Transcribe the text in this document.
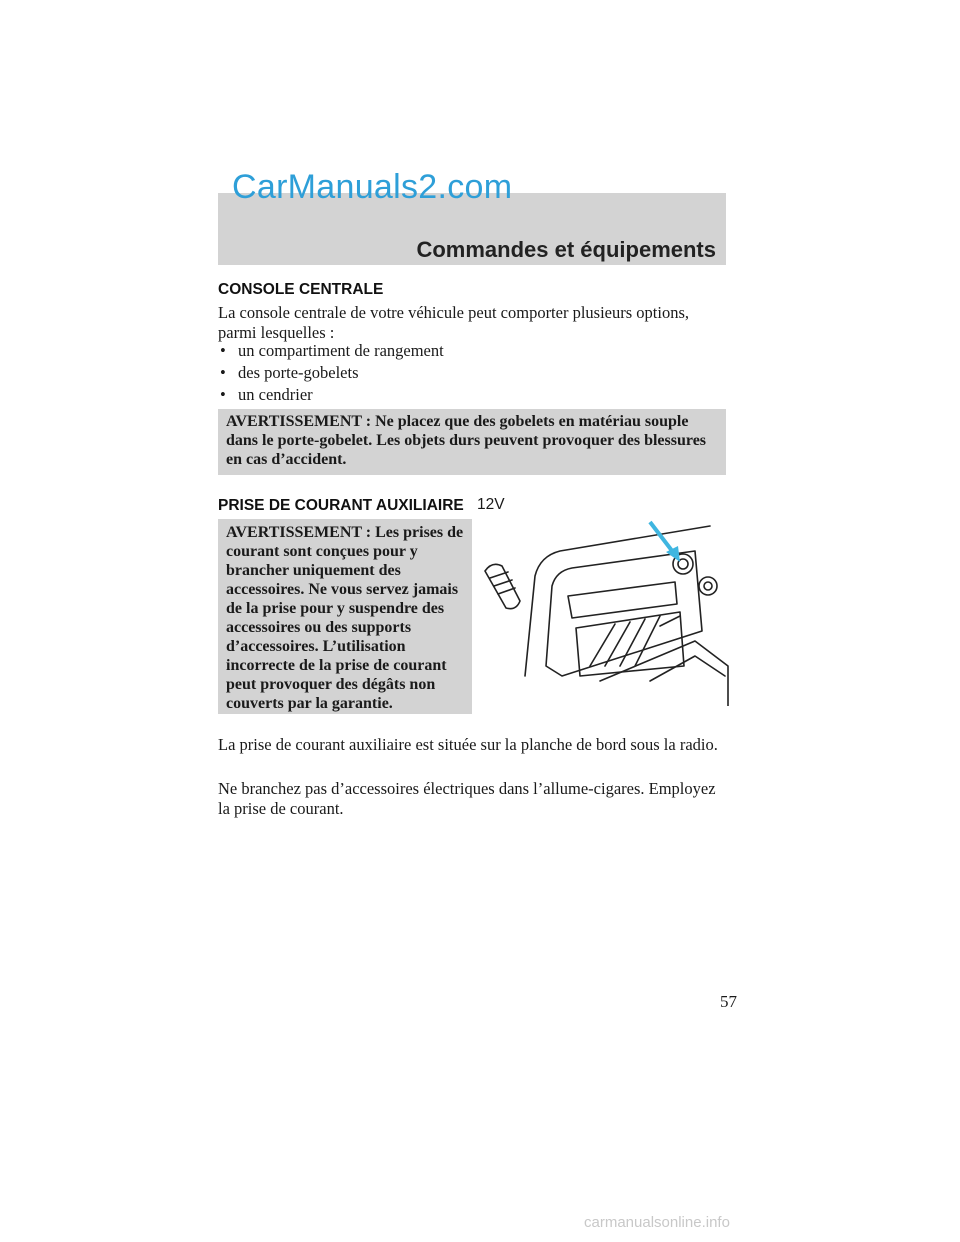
CarManuals2.com
Commandes et équipements
CONSOLE CENTRALE
La console centrale de votre véhicule peut comporter plusieurs options, parmi lesquelles :
• un compartiment de rangement
• des porte-gobelets
• un cendrier
AVERTISSEMENT : Ne placez que des gobelets en matériau souple dans le porte-gobelet. Les objets durs peuvent provoquer des blessures en cas d’accident.
PRISE DE COURANT AUXILIAIRE 12V
AVERTISSEMENT : Les prises de courant sont conçues pour y brancher uniquement des accessoires. Ne vous servez jamais de la prise pour y suspendre des accessoires ou des supports d’accessoires. L’utilisation incorrecte de la prise de courant peut provoquer des dégâts non couverts par la garantie.
La prise de courant auxiliaire est située sur la planche de bord sous la radio.
Ne branchez pas d’accessoires électriques dans l’allume-cigares. Employez la prise de courant.
57
carmanualsonline.info
